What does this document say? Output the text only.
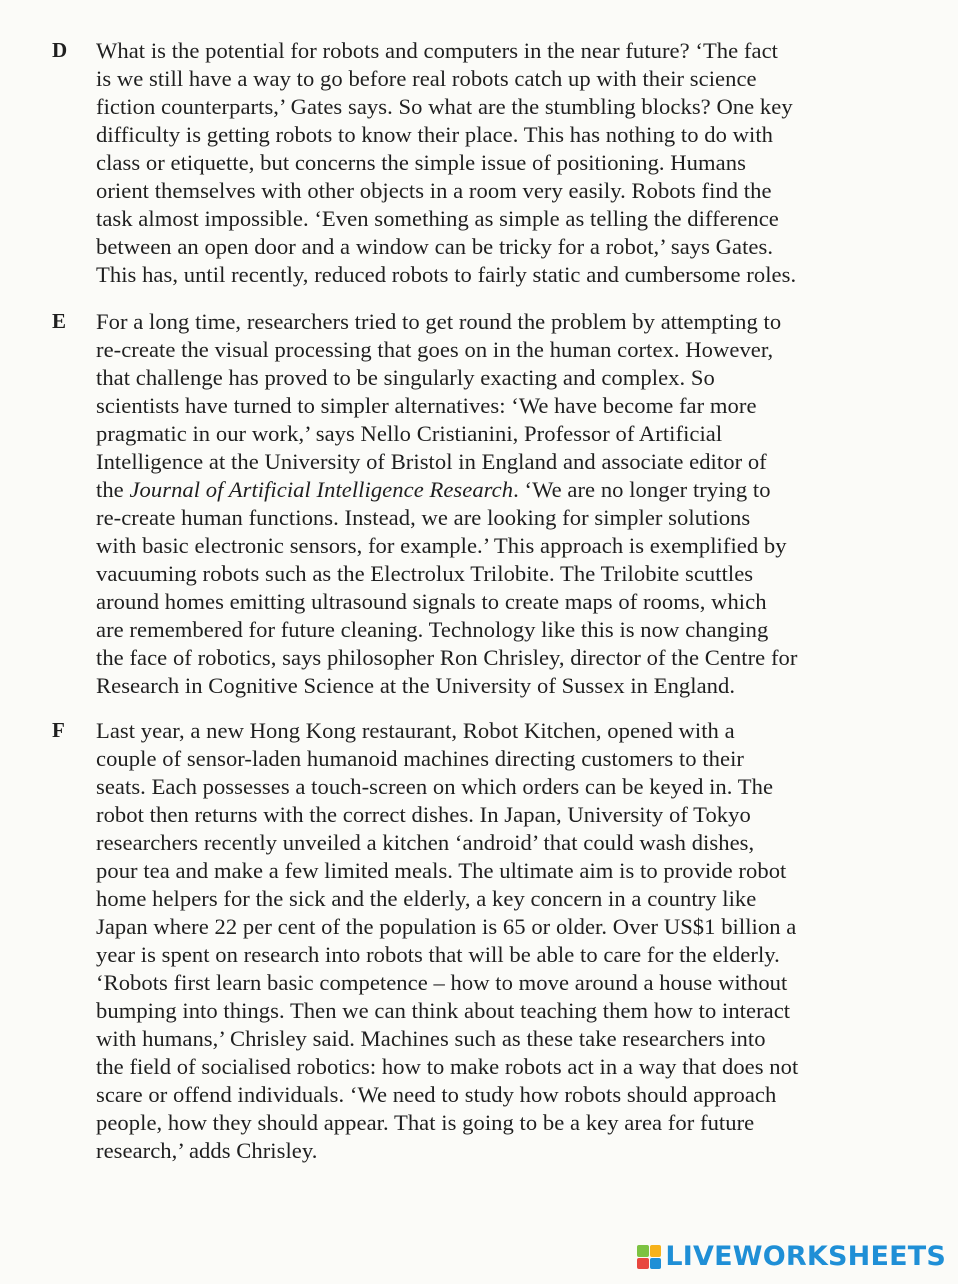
D What is the potential for robots and computers in the near future? ‘The fact
is we still have a way to go before real robots catch up with their science
fiction counterparts,’ Gates says. So what are the stumbling blocks? One key
difficulty is getting robots to know their place. This has nothing to do with
class or etiquette, but concerns the simple issue of positioning. Humans
orient themselves with other objects in a room very easily. Robots find the
task almost impossible. ‘Even something as simple as telling the difference
between an open door and a window can be tricky for a robot,’ says Gates.
This has, until recently, reduced robots to fairly static and cumbersome roles.
E For a long time, researchers tried to get round the problem by attempting to
re-create the visual processing that goes on in the human cortex. However,
that challenge has proved to be singularly exacting and complex. So
scientists have turned to simpler alternatives: ‘We have become far more
pragmatic in our work,’ says Nello Cristianini, Professor of Artificial
Intelligence at the University of Bristol in England and associate editor of
the Journal of Artificial Intelligence Research. ‘We are no longer trying to
re-create human functions. Instead, we are looking for simpler solutions
with basic electronic sensors, for example.’ This approach is exemplified by
vacuuming robots such as the Electrolux Trilobite. The Trilobite scuttles
around homes emitting ultrasound signals to create maps of rooms, which
are remembered for future cleaning. Technology like this is now changing
the face of robotics, says philosopher Ron Chrisley, director of the Centre for
Research in Cognitive Science at the University of Sussex in England.
F Last year, a new Hong Kong restaurant, Robot Kitchen, opened with a
couple of sensor-laden humanoid machines directing customers to their
seats. Each possesses a touch-screen on which orders can be keyed in. The
robot then returns with the correct dishes. In Japan, University of Tokyo
researchers recently unveiled a kitchen ‘android’ that could wash dishes,
pour tea and make a few limited meals. The ultimate aim is to provide robot
home helpers for the sick and the elderly, a key concern in a country like
Japan where 22 per cent of the population is 65 or older. Over US$1 billion a
year is spent on research into robots that will be able to care for the elderly.
‘Robots first learn basic competence – how to move around a house without
bumping into things. Then we can think about teaching them how to interact
with humans,’ Chrisley said. Machines such as these take researchers into
the field of socialised robotics: how to make robots act in a way that does not
scare or offend individuals. ‘We need to study how robots should approach
people, how they should appear. That is going to be a key area for future
research,’ adds Chrisley.
LIVEWORKSHEETS
